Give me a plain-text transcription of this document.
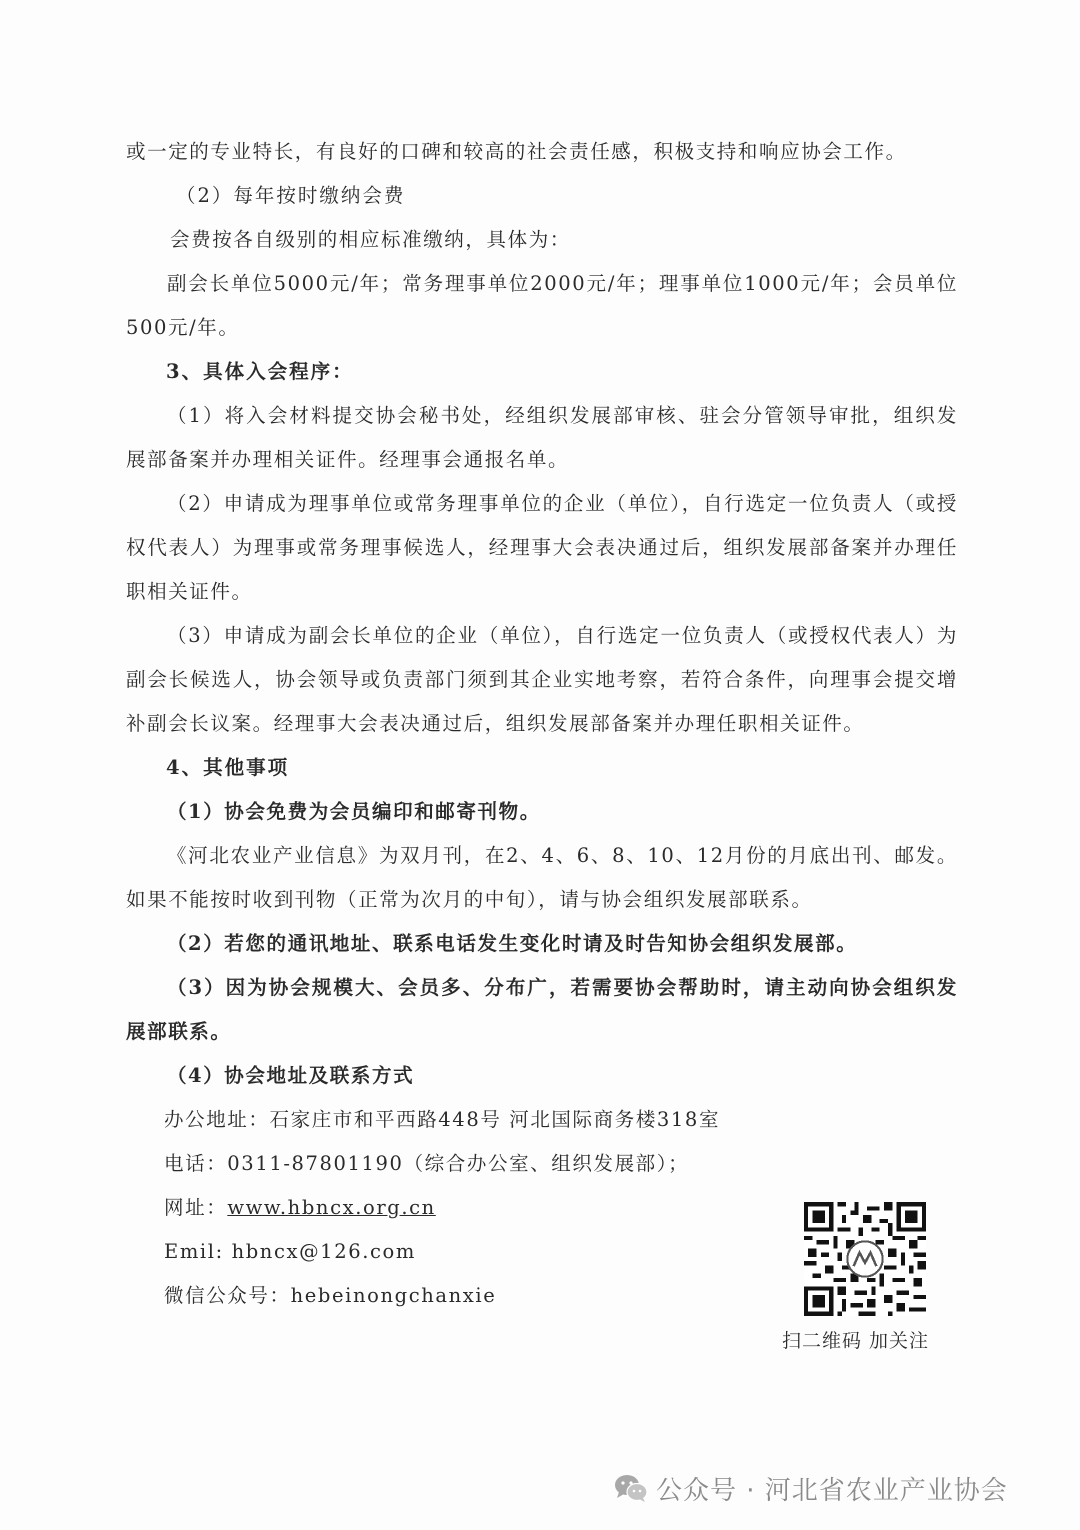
或一定的专业特长，有良好的口碑和较高的社会责任感，积极支持和响应协会工作。

（2）每年按时缴纳会费

会费按各自级别的相应标准缴纳，具体为：

副会长单位5000元/年；常务理事单位2000元/年；理事单位1000元/年；会员单位500元/年。

3、具体入会程序：

（1）将入会材料提交协会秘书处，经组织发展部审核、驻会分管领导审批，组织发展部备案并办理相关证件。经理事会通报名单。

（2）申请成为理事单位或常务理事单位的企业（单位），自行选定一位负责人（或授权代表人）为理事或常务理事候选人，经理事大会表决通过后，组织发展部备案并办理任职相关证件。

（3）申请成为副会长单位的企业（单位），自行选定一位负责人（或授权代表人）为副会长候选人，协会领导或负责部门须到其企业实地考察，若符合条件，向理事会提交增补副会长议案。经理事大会表决通过后，组织发展部备案并办理任职相关证件。

4、其他事项

（1）协会免费为会员编印和邮寄刊物。

《河北农业产业信息》为双月刊，在2、4、6、8、10、12月份的月底出刊、邮发。如果不能按时收到刊物（正常为次月的中旬），请与协会组织发展部联系。

（2）若您的通讯地址、联系电话发生变化时请及时告知协会组织发展部。

（3）因为协会规模大、会员多、分布广，若需要协会帮助时，请主动向协会组织发展部联系。

（4）协会地址及联系方式

办公地址：石家庄市和平西路448号 河北国际商务楼318室

电话：0311-87801190（综合办公室、组织发展部）；

网址：www.hbncx.org.cn

Emil: hbncx@126.com

微信公众号：hebeinongchanxie

扫二维码 加关注
公众号 · 河北省农业产业协会
